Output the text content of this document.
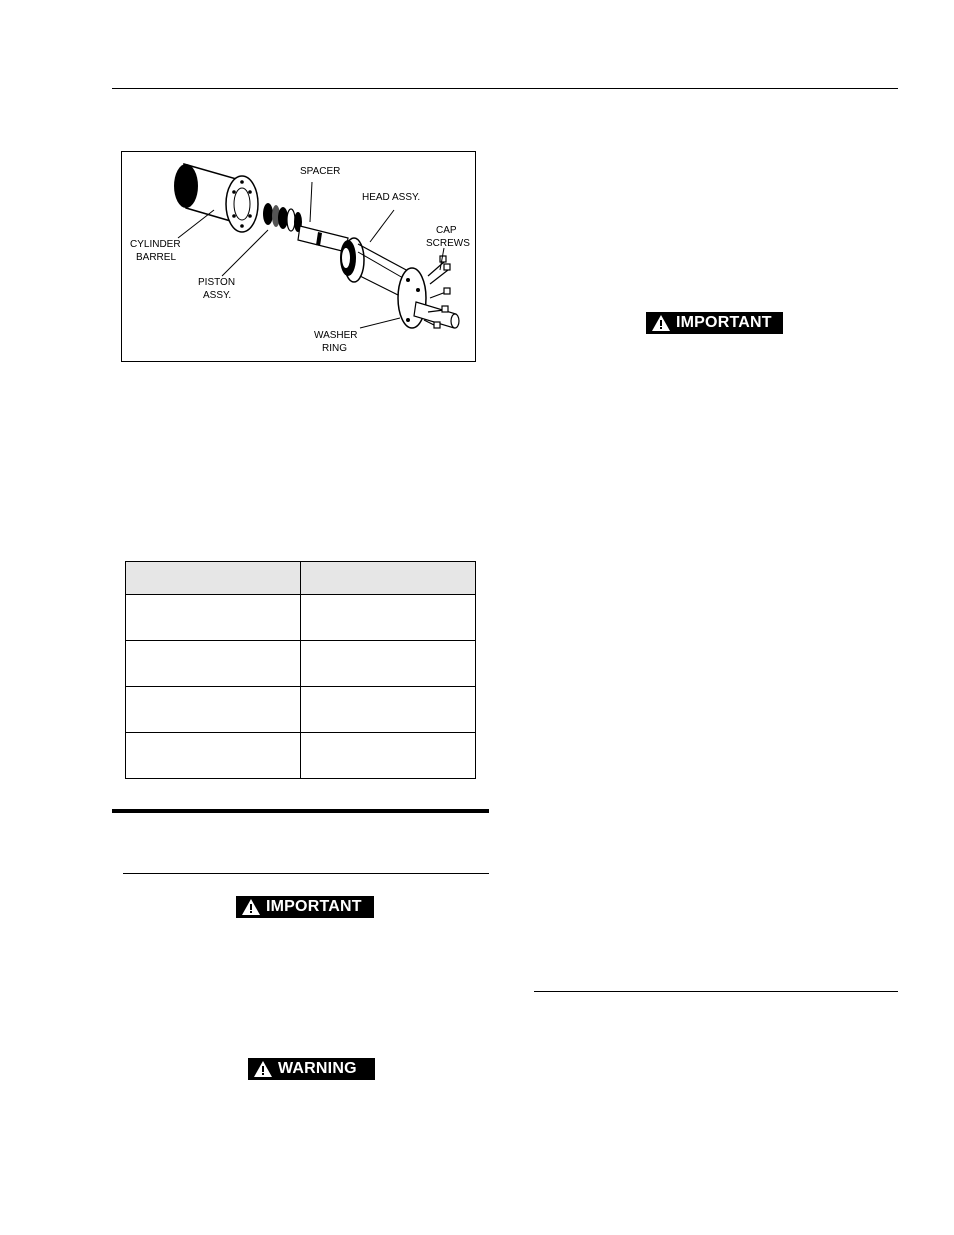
SPACER
HEAD ASSY.
CAP
SCREWS
CYLINDER
BARREL
PISTON
ASSY.
WASHER
RING

IMPORTANT
WARNING
IMPORTANT
